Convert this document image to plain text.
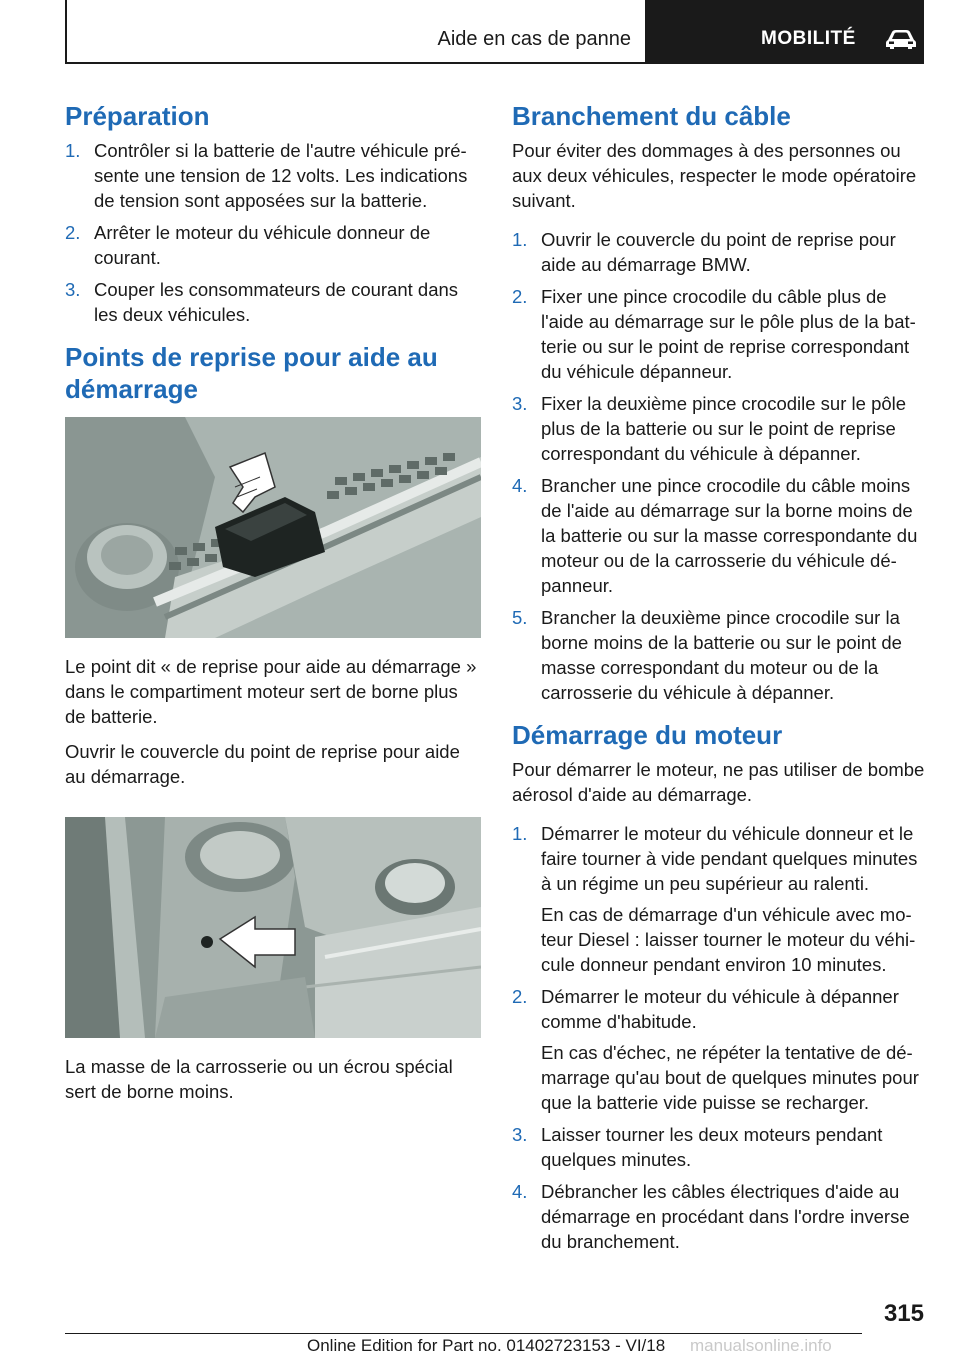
Aide en cas de panne	MOBILITÉ
Préparation
1. Contrôler si la batterie de l'autre véhicule présente une tension de 12 volts. Les indications de tension sont apposées sur la batterie.
2. Arrêter le moteur du véhicule donneur de courant.
3. Couper les consommateurs de courant dans les deux véhicules.
Points de reprise pour aide au démarrage

Le point dit « de reprise pour aide au démarrage » dans le compartiment moteur sert de borne plus de batterie.

Ouvrir le couvercle du point de reprise pour aide au démarrage.

La masse de la carrosserie ou un écrou spécial sert de borne moins.

Branchement du câble

Pour éviter des dommages à des personnes ou aux deux véhicules, respecter le mode opératoire suivant.

1. Ouvrir le couvercle du point de reprise pour aide au démarrage BMW.
2. Fixer une pince crocodile du câble plus de l'aide au démarrage sur le pôle plus de la batterie ou sur le point de reprise correspondant du véhicule dépanneur.
3. Fixer la deuxième pince crocodile sur le pôle plus de la batterie ou sur le point de reprise correspondant du véhicule à dépanner.
4. Brancher une pince crocodile du câble moins de l'aide au démarrage sur la borne moins de la batterie ou sur la masse correspondante du moteur ou de la carrosserie du véhicule dépanneur.
5. Brancher la deuxième pince crocodile sur la borne moins de la batterie ou sur le point de masse correspondant du moteur ou de la carrosserie du véhicule à dépanner.
Démarrage du moteur

Pour démarrer le moteur, ne pas utiliser de bombe aérosol d'aide au démarrage.

1. Démarrer le moteur du véhicule donneur et le faire tourner à vide pendant quelques minutes à un régime un peu supérieur au ralenti.
En cas de démarrage d'un véhicule avec moteur Diesel : laisser tourner le moteur du véhicule donneur pendant environ 10 minutes.
2. Démarrer le moteur du véhicule à dépanner comme d'habitude.
En cas d'échec, ne répéter la tentative de démarrage qu'au bout de quelques minutes pour que la batterie vide puisse se recharger.
3. Laisser tourner les deux moteurs pendant quelques minutes.
4. Débrancher les câbles électriques d'aide au démarrage en procédant dans l'ordre inverse du branchement.
315
Online Edition for Part no. 01402723153 - VI/18 manualsonline.info
